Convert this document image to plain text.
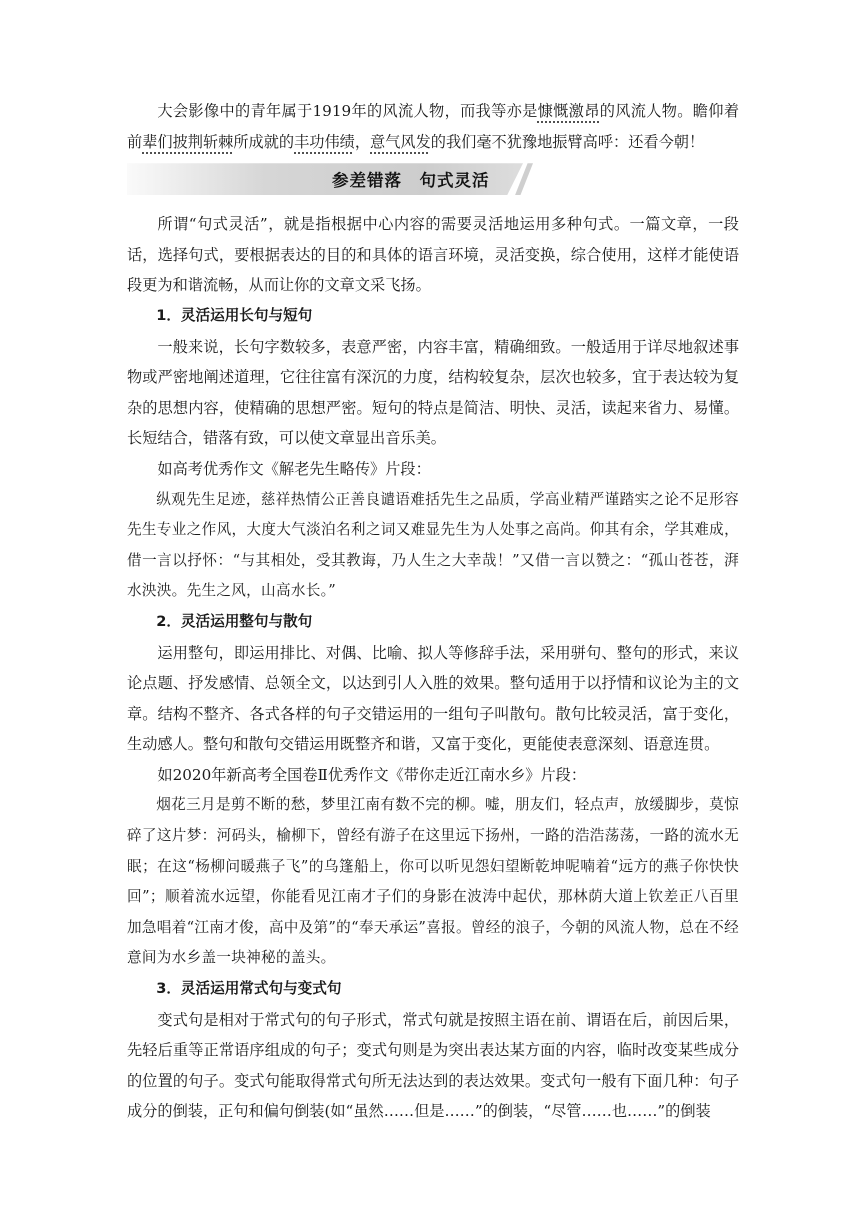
大会影像中的青年属于1919年的风流人物，而我等亦是慷慨激昂的风流人物。瞻仰着前辈们披荆斩棘所成就的丰功伟绩，意气风发的我们毫不犹豫地振臂高呼：还看今朝！

参差错落　句式灵活

所谓“句式灵活”，就是指根据中心内容的需要灵活地运用多种句式。一篇文章，一段话，选择句式，要根据表达的目的和具体的语言环境，灵活变换，综合使用，这样才能使语段更为和谐流畅，从而让你的文章文采飞扬。

1．灵活运用长句与短句

一般来说，长句字数较多，表意严密，内容丰富，精确细致。一般适用于详尽地叙述事物或严密地阐述道理，它往往富有深沉的力度，结构较复杂，层次也较多，宜于表达较为复杂的思想内容，使精确的思想严密。短句的特点是简洁、明快、灵活，读起来省力、易懂。长短结合，错落有致，可以使文章显出音乐美。

如高考优秀作文《解老先生略传》片段：

纵观先生足迹，慈祥热情公正善良谴语难括先生之品质，学高业精严谨踏实之论不足形容先生专业之作风，大度大气淡泊名利之词又难显先生为人处事之高尚。仰其有余，学其难成，借一言以抒怀：“与其相处，受其教诲，乃人生之大幸哉！”又借一言以赞之：“孤山苍苍，湃水泱泱。先生之风，山高水长。”

2．灵活运用整句与散句

运用整句，即运用排比、对偶、比喻、拟人等修辞手法，采用骈句、整句的形式，来议论点题、抒发感情、总领全文，以达到引人入胜的效果。整句适用于以抒情和议论为主的文章。结构不整齐、各式各样的句子交错运用的一组句子叫散句。散句比较灵活，富于变化，生动感人。整句和散句交错运用既整齐和谐，又富于变化，更能使表意深刻、语意连贯。

如2020年新高考全国卷Ⅱ优秀作文《带你走近江南水乡》片段：

烟花三月是剪不断的愁，梦里江南有数不完的柳。嘘，朋友们，轻点声，放缓脚步，莫惊碎了这片梦：河码头，榆柳下，曾经有游子在这里远下扬州，一路的浩浩荡荡，一路的流水无眠；在这“杨柳问暖燕子飞”的乌篷船上，你可以听见怨妇望断乾坤呢喃着“远方的燕子你快快回”；顺着流水远望，你能看见江南才子们的身影在波涛中起伏，那林荫大道上钦差正八百里加急唱着“江南才俊，高中及第”的“奉天承运”喜报。曾经的浪子，今朝的风流人物，总在不经意间为水乡盖一块神秘的盖头。

3．灵活运用常式句与变式句

变式句是相对于常式句的句子形式，常式句就是按照主语在前、谓语在后，前因后果，先轻后重等正常语序组成的句子；变式句则是为突出表达某方面的内容，临时改变某些成分的位置的句子。变式句能取得常式句所无法达到的表达效果。变式句一般有下面几种：句子成分的倒装，正句和偏句倒装(如“虽然……但是……”的倒装，“尽管……也……”的倒装
